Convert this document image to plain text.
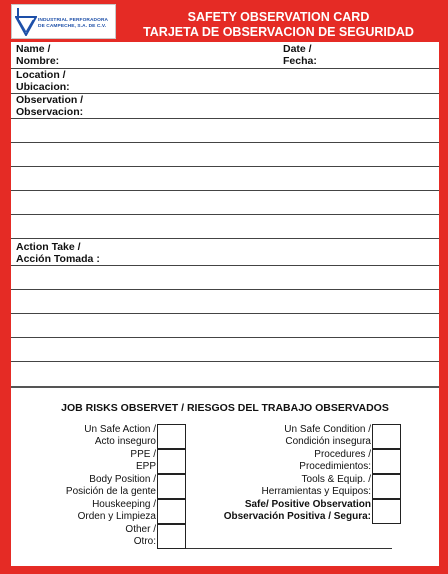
INDUSTRIAL PERFORADORA
DE CAMPECHE, S.A. DE C.V.
SAFETY OBSERVATION CARD
TARJETA DE OBSERVACION DE SEGURIDAD
Name /
Nombre:
Date /
Fecha:
Location /
Ubicacion:
Observation /
Observacion:
Action Take /
Acción Tomada :
JOB RISKS OBSERVET / RIESGOS DEL TRABAJO OBSERVADOS
Un Safe Action /
Acto inseguro
PPE /
EPP
Body Position /
Posición de la gente
Houskeeping /
Orden y Limpieza
Other /
Otro:
Un Safe Condition /
Condición insegura
Procedures /
Procedimientos:
Tools & Equip. /
Herramientas y Equipos:
Safe/ Positive Observation
Observación Positiva / Segura:
